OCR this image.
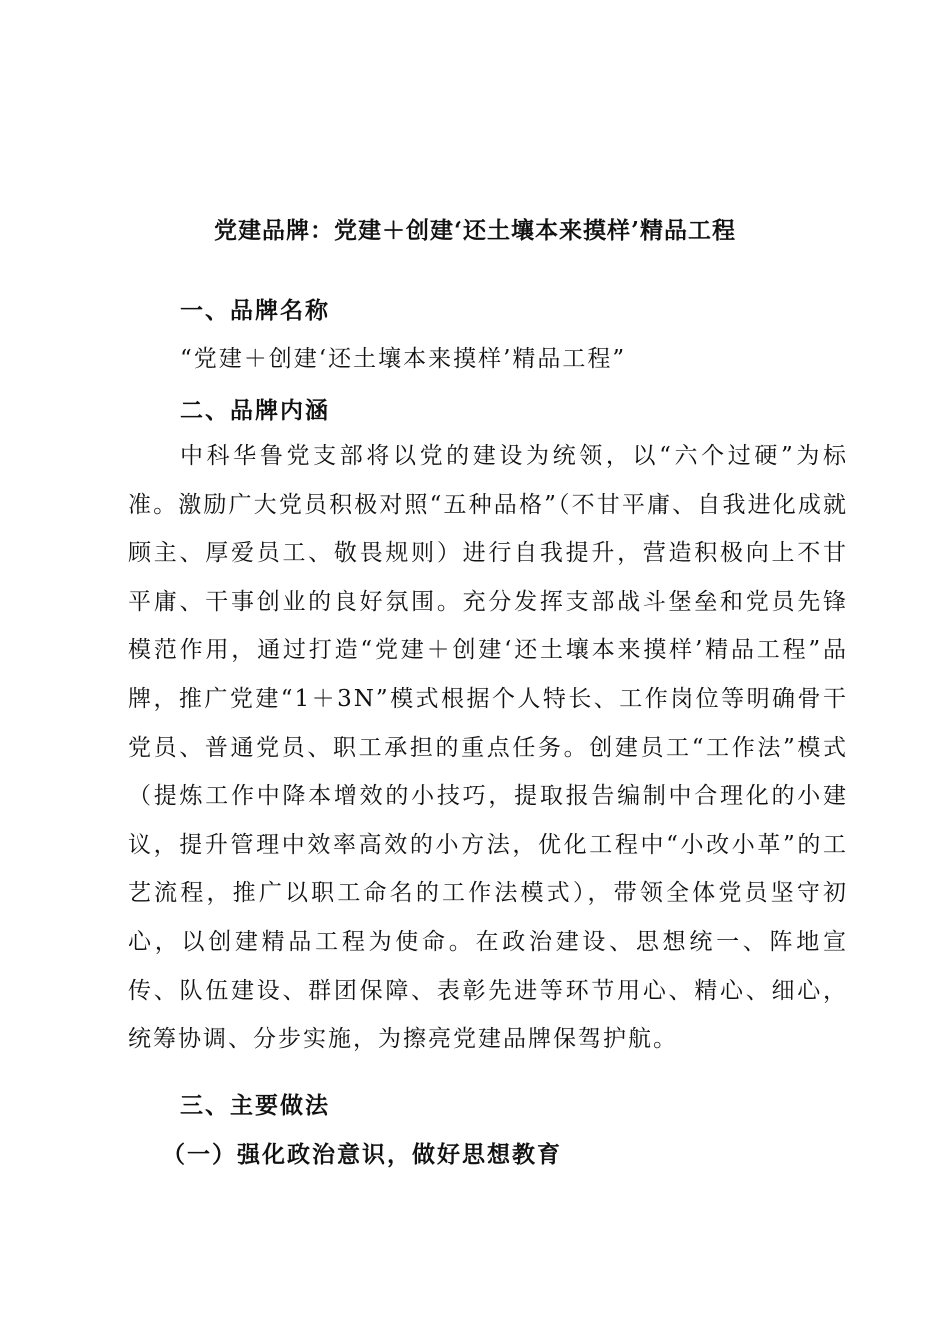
党建品牌：党建＋创建‘还土壤本来摸样’精品工程
一、品牌名称
“党建＋创建‘还土壤本来摸样’精品工程”
二、品牌内涵
中科华鲁党支部将以党的建设为统领，以“六个过硬”为标准。激励广大党员积极对照“五种品格”（不甘平庸、自我进化成就顾主、厚爱员工、敬畏规则）进行自我提升，营造积极向上不甘平庸、干事创业的良好氛围。充分发挥支部战斗堡垒和党员先锋模范作用，通过打造“党建＋创建‘还土壤本来摸样’精品工程”品牌，推广党建“1＋3N”模式根据个人特长、工作岗位等明确骨干党员、普通党员、职工承担的重点任务。创建员工“工作法”模式（提炼工作中降本增效的小技巧，提取报告编制中合理化的小建议，提升管理中效率高效的小方法，优化工程中“小改小革”的工艺流程，推广以职工命名的工作法模式），带领全体党员坚守初心，以创建精品工程为使命。在政治建设、思想统一、阵地宣传、队伍建设、群团保障、表彰先进等环节用心、精心、细心，统筹协调、分步实施，为擦亮党建品牌保驾护航。
三、主要做法
（一）强化政治意识，做好思想教育
